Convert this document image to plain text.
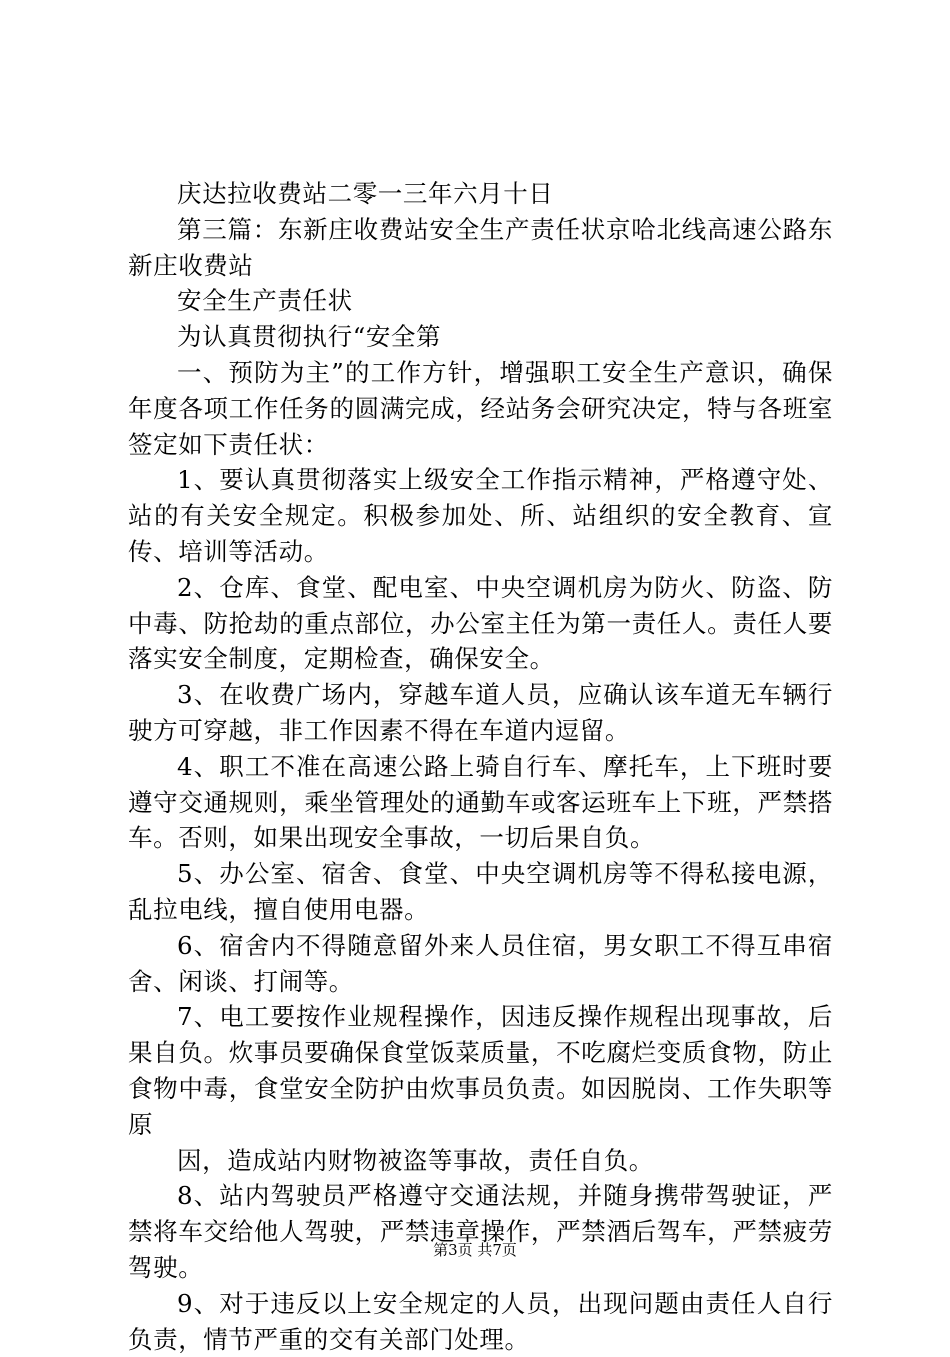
庆达拉收费站二零一三年六月十日

第三篇：东新庄收费站安全生产责任状京哈北线高速公路东新庄收费站

安全生产责任状

为认真贯彻执行“安全第

一、预防为主”的工作方针，增强职工安全生产意识，确保年度各项工作任务的圆满完成，经站务会研究决定，特与各班室签定如下责任状：

1、要认真贯彻落实上级安全工作指示精神，严格遵守处、站的有关安全规定。积极参加处、所、站组织的安全教育、宣传、培训等活动。

2、仓库、食堂、配电室、中央空调机房为防火、防盗、防中毒、防抢劫的重点部位，办公室主任为第一责任人。责任人要落实安全制度，定期检查，确保安全。

3、在收费广场内，穿越车道人员，应确认该车道无车辆行驶方可穿越，非工作因素不得在车道内逗留。

4、职工不准在高速公路上骑自行车、摩托车，上下班时要遵守交通规则，乘坐管理处的通勤车或客运班车上下班，严禁搭车。否则，如果出现安全事故，一切后果自负。

5、办公室、宿舍、食堂、中央空调机房等不得私接电源，乱拉电线，擅自使用电器。

6、宿舍内不得随意留外来人员住宿，男女职工不得互串宿舍、闲谈、打闹等。

7、电工要按作业规程操作，因违反操作规程出现事故，后果自负。炊事员要确保食堂饭菜质量，不吃腐烂变质食物，防止食物中毒，食堂安全防护由炊事员负责。如因脱岗、工作失职等原

因，造成站内财物被盗等事故，责任自负。

8、站内驾驶员严格遵守交通法规，并随身携带驾驶证，严禁将车交给他人驾驶，严禁违章操作，严禁酒后驾车，严禁疲劳驾驶。

9、对于违反以上安全规定的人员，出现问题由责任人自行负责，情节严重的交有关部门处理。

第3页 共7页
